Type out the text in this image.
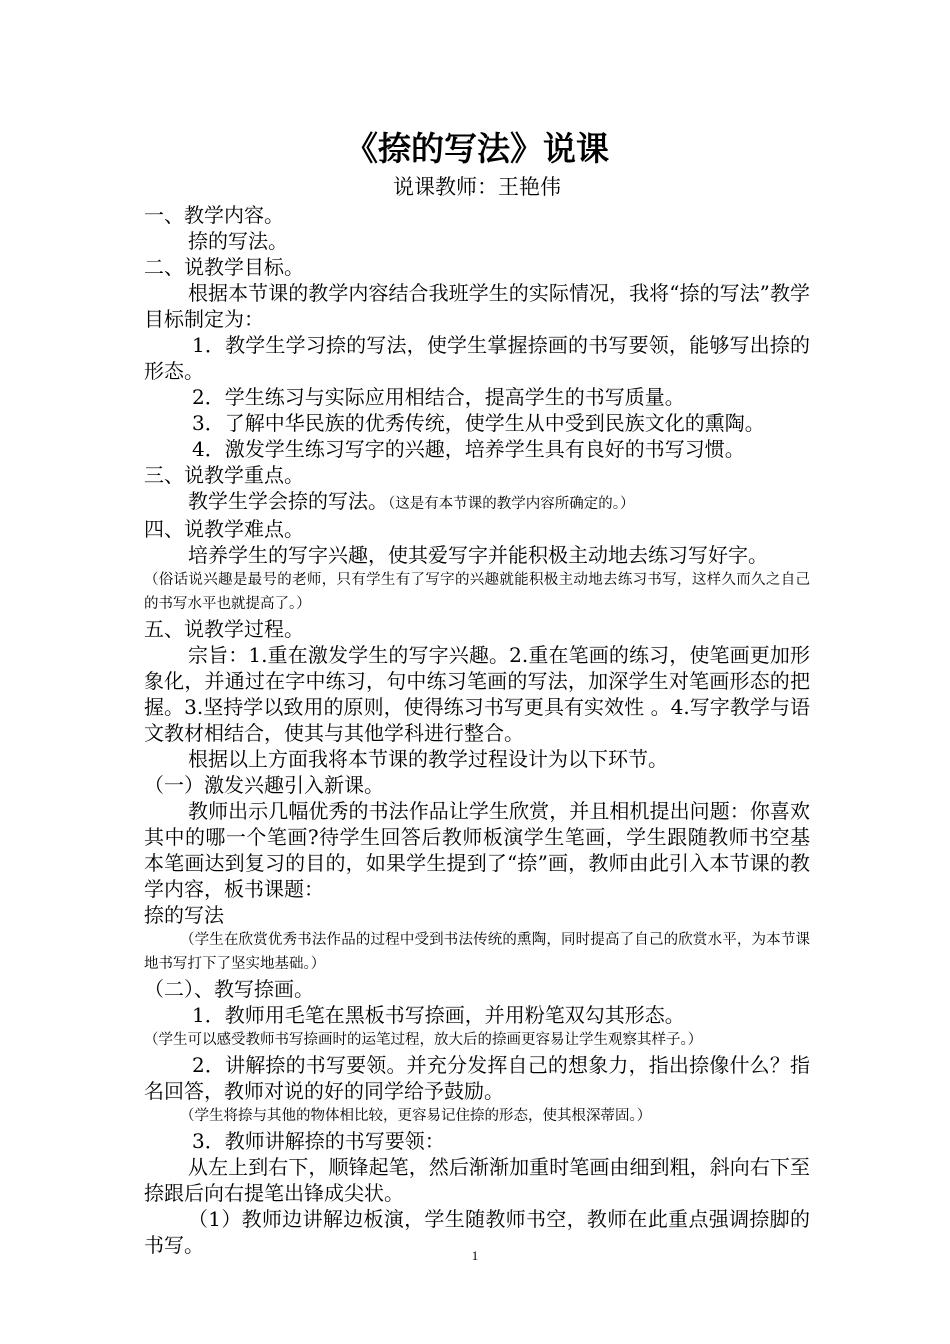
《捺的写法》说课
说课教师：王艳伟

一、教学内容。

捺的写法。

二、说教学目标。

根据本节课的教学内容结合我班学生的实际情况，我将“捺的写法”教学目标制定为：

1．教学生学习捺的写法，使学生掌握捺画的书写要领，能够写出捺的形态。

2．学生练习与实际应用相结合，提高学生的书写质量。

3．了解中华民族的优秀传统，使学生从中受到民族文化的熏陶。

4．激发学生练习写字的兴趣，培养学生具有良好的书写习惯。

三、说教学重点。

教学生学会捺的写法。（这是有本节课的教学内容所确定的。）

四、说教学难点。

培养学生的写字兴趣，使其爱写字并能积极主动地去练习写好字。

（俗话说兴趣是最号的老师，只有学生有了写字的兴趣就能积极主动地去练习书写，这样久而久之自己的书写水平也就提高了。）

五、说教学过程。

宗旨：1.重在激发学生的写字兴趣。2.重在笔画的练习，使笔画更加形象化，并通过在字中练习，句中练习笔画的写法，加深学生对笔画形态的把握。3.坚持学以致用的原则，使得练习书写更具有实效性 。4.写字教学与语文教材相结合，使其与其他学科进行整合。

根据以上方面我将本节课的教学过程设计为以下环节。

（一）激发兴趣引入新课。

教师出示几幅优秀的书法作品让学生欣赏，并且相机提出问题：你喜欢其中的哪一个笔画?待学生回答后教师板演学生笔画，学生跟随教师书空基本笔画达到复习的目的，如果学生提到了“捺”画，教师由此引入本节课的教学内容，板书课题：

捺的写法

（学生在欣赏优秀书法作品的过程中受到书法传统的熏陶，同时提高了自己的欣赏水平，为本节课地书写打下了坚实地基础。）

（二）、教写捺画。

1．教师用毛笔在黑板书写捺画，并用粉笔双勾其形态。

（学生可以感受教师书写捺画时的运笔过程，放大后的捺画更容易让学生观察其样子。）

2．讲解捺的书写要领。并充分发挥自己的想象力，指出捺像什么？指名回答，教师对说的好的同学给予鼓励。

（学生将捺与其他的物体相比较，更容易记住捺的形态，使其根深蒂固。）

3．教师讲解捺的书写要领：

从左上到右下，顺锋起笔，然后渐渐加重时笔画由细到粗，斜向右下至捺跟后向右提笔出锋成尖状。

（1）教师边讲解边板演，学生随教师书空，教师在此重点强调捺脚的书写。	1
